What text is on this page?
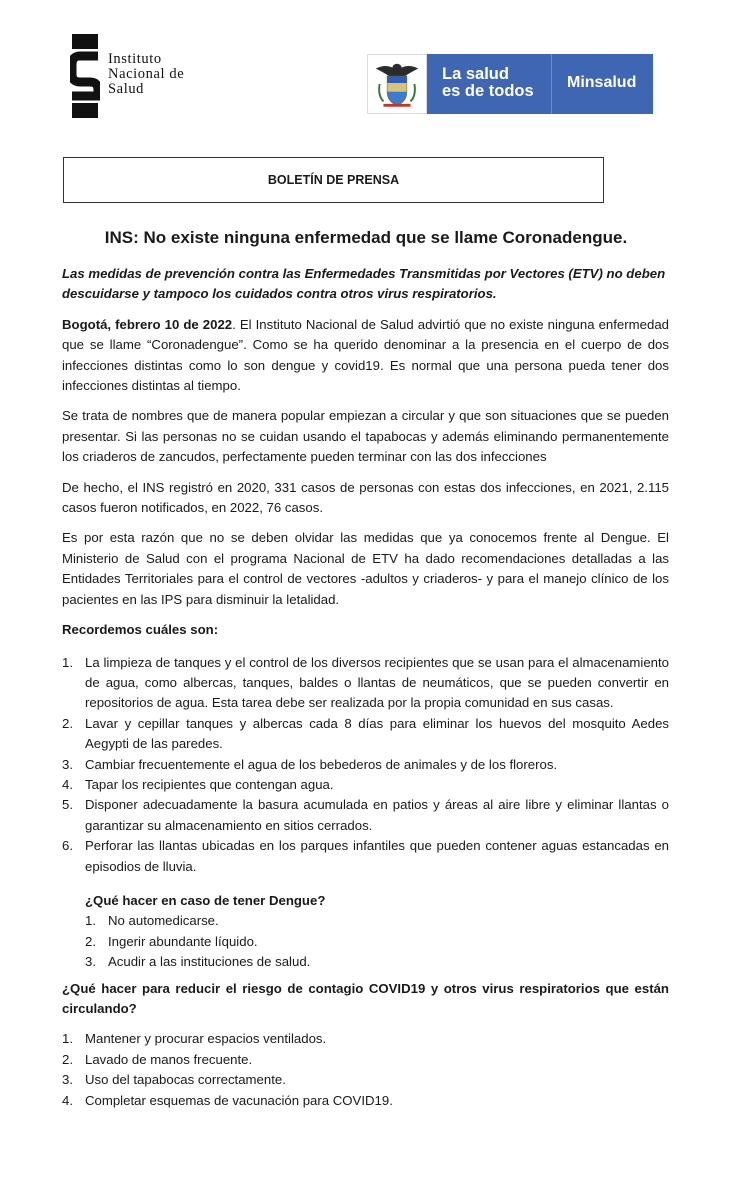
Instituto
Nacional de
Salud
La salud
es de todos Minsalud
BOLETÍN DE PRENSA
INS: No existe ninguna enfermedad que se llame Coronadengue.

Las medidas de prevención contra las Enfermedades Transmitidas por Vectores (ETV) no deben descuidarse y tampoco los cuidados contra otros virus respiratorios.

Bogotá, febrero 10 de 2022. El Instituto Nacional de Salud advirtió que no existe ninguna enfermedad que se llame “Coronadengue”. Como se ha querido denominar a la presencia en el cuerpo de dos infecciones distintas como lo son dengue y covid19. Es normal que una persona pueda tener dos infecciones distintas al tiempo.

Se trata de nombres que de manera popular empiezan a circular y que son situaciones que se pueden presentar. Si las personas no se cuidan usando el tapabocas y además eliminando permanentemente los criaderos de zancudos, perfectamente pueden terminar con las dos infecciones

De hecho, el INS registró en 2020, 331 casos de personas con estas dos infecciones, en 2021, 2.115 casos fueron notificados, en 2022, 76 casos.

Es por esta razón que no se deben olvidar las medidas que ya conocemos frente al Dengue. El Ministerio de Salud con el programa Nacional de ETV ha dado recomendaciones detalladas a las Entidades Territoriales para el control de vectores -adultos y criaderos- y para el manejo clínico de los pacientes en las IPS para disminuir la letalidad.

Recordemos cuáles son:
1. La limpieza de tanques y el control de los diversos recipientes que se usan para el almacenamiento de agua, como albercas, tanques, baldes o llantas de neumáticos, que se pueden convertir en repositorios de agua. Esta tarea debe ser realizada por la propia comunidad en sus casas.
2. Lavar y cepillar tanques y albercas cada 8 días para eliminar los huevos del mosquito Aedes Aegypti de las paredes.
3. Cambiar frecuentemente el agua de los bebederos de animales y de los floreros.
4. Tapar los recipientes que contengan agua.
5. Disponer adecuadamente la basura acumulada en patios y áreas al aire libre y eliminar llantas o garantizar su almacenamiento en sitios cerrados.
6. Perforar las llantas ubicadas en los parques infantiles que pueden contener aguas estancadas en episodios de lluvia.
¿Qué hacer en caso de tener Dengue?
1. No automedicarse.
2. Ingerir abundante líquido.
3. Acudir a las instituciones de salud.
¿Qué hacer para reducir el riesgo de contagio COVID19 y otros virus respiratorios que están circulando?
1. Mantener y procurar espacios ventilados.
2. Lavado de manos frecuente.
3. Uso del tapabocas correctamente.
4. Completar esquemas de vacunación para COVID19.
